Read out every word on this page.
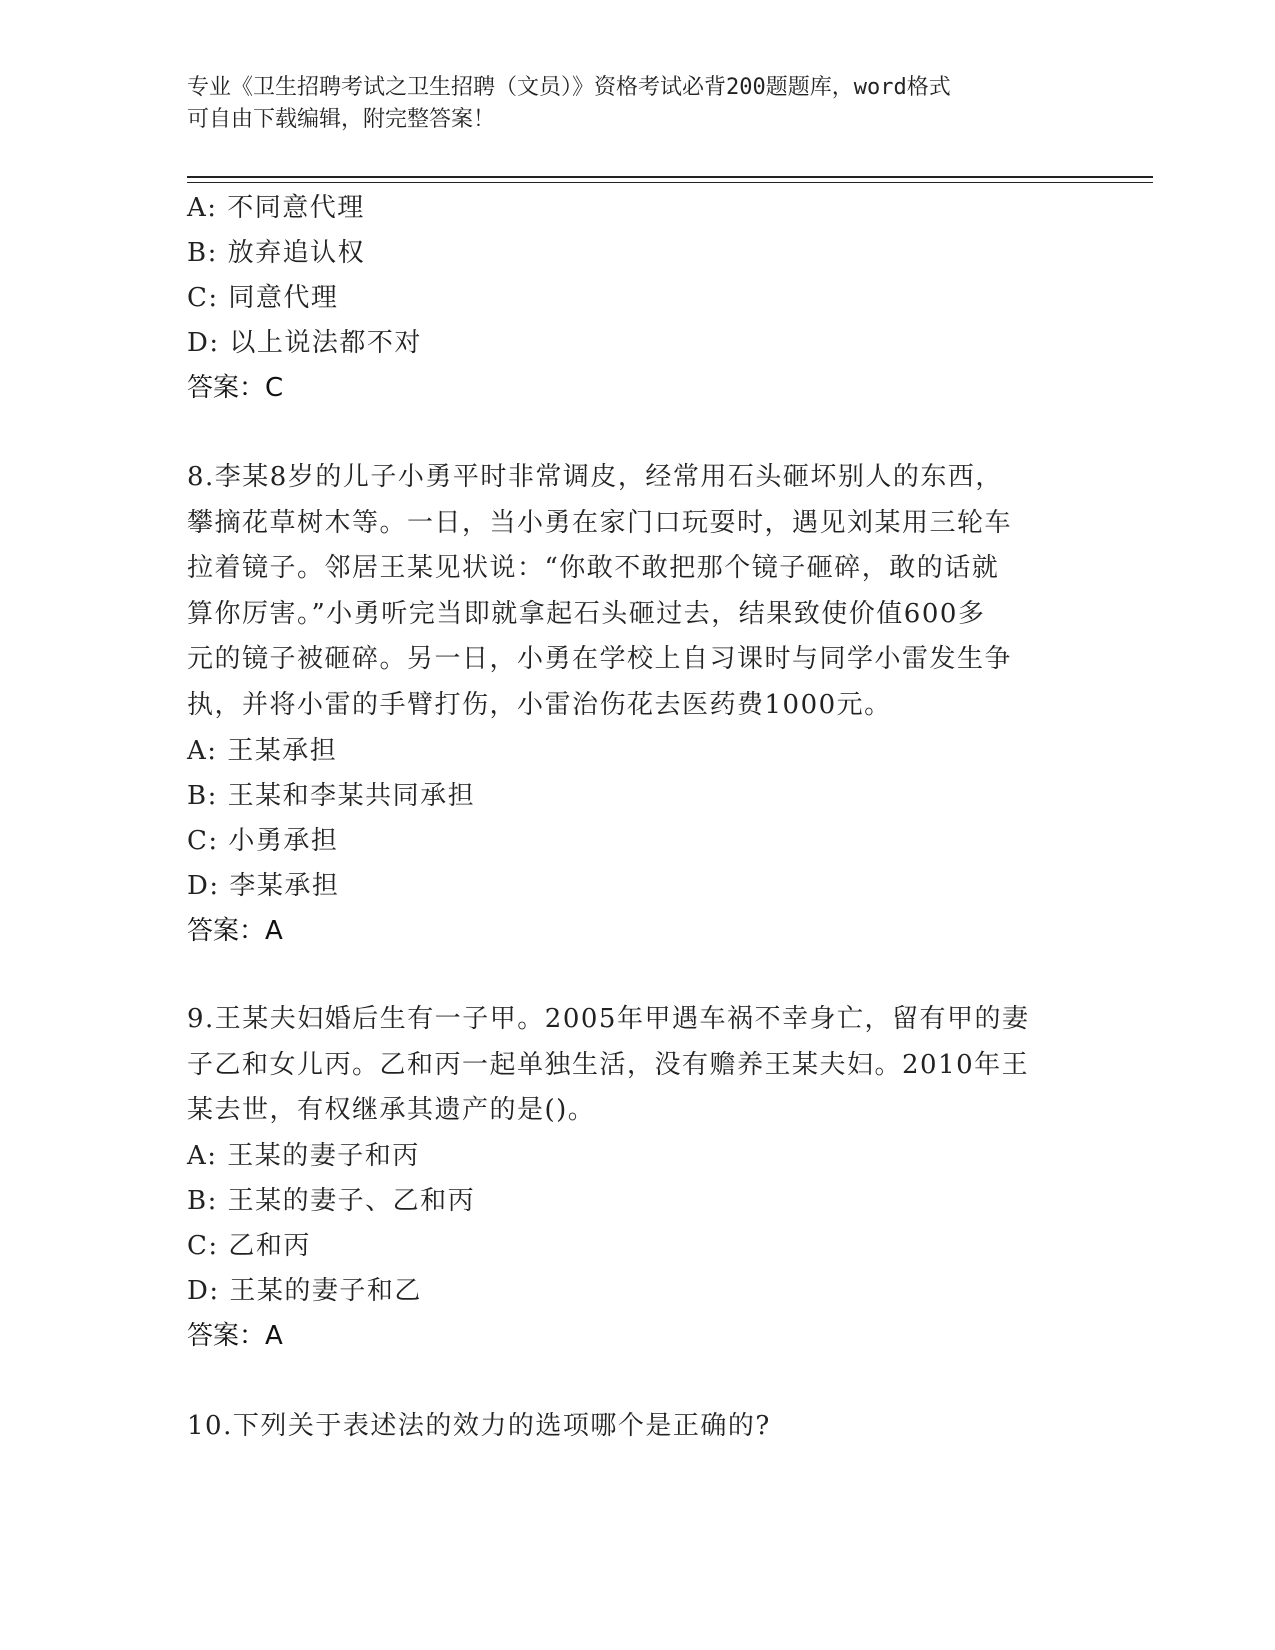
专业《卫生招聘考试之卫生招聘（文员）》资格考试必背200题题库，word格式
可自由下载编辑，附完整答案！
A: 不同意代理
B: 放弃追认权
C: 同意代理
D: 以上说法都不对
答案：C
8.李某8岁的儿子小勇平时非常调皮，经常用石头砸坏别人的东西，
攀摘花草树木等。一日，当小勇在家门口玩耍时，遇见刘某用三轮车
拉着镜子。邻居王某见状说：“你敢不敢把那个镜子砸碎，敢的话就
算你厉害。”小勇听完当即就拿起石头砸过去，结果致使价值600多
元的镜子被砸碎。另一日，小勇在学校上自习课时与同学小雷发生争
执，并将小雷的手臂打伤，小雷治伤花去医药费1000元。
A: 王某承担
B: 王某和李某共同承担
C: 小勇承担
D: 李某承担
答案：A
9.王某夫妇婚后生有一子甲。2005年甲遇车祸不幸身亡，留有甲的妻
子乙和女儿丙。乙和丙一起单独生活，没有赡养王某夫妇。2010年王
某去世，有权继承其遗产的是()。
A: 王某的妻子和丙
B: 王某的妻子、乙和丙
C: 乙和丙
D: 王某的妻子和乙
答案：A
10.下列关于表述法的效力的选项哪个是正确的?
